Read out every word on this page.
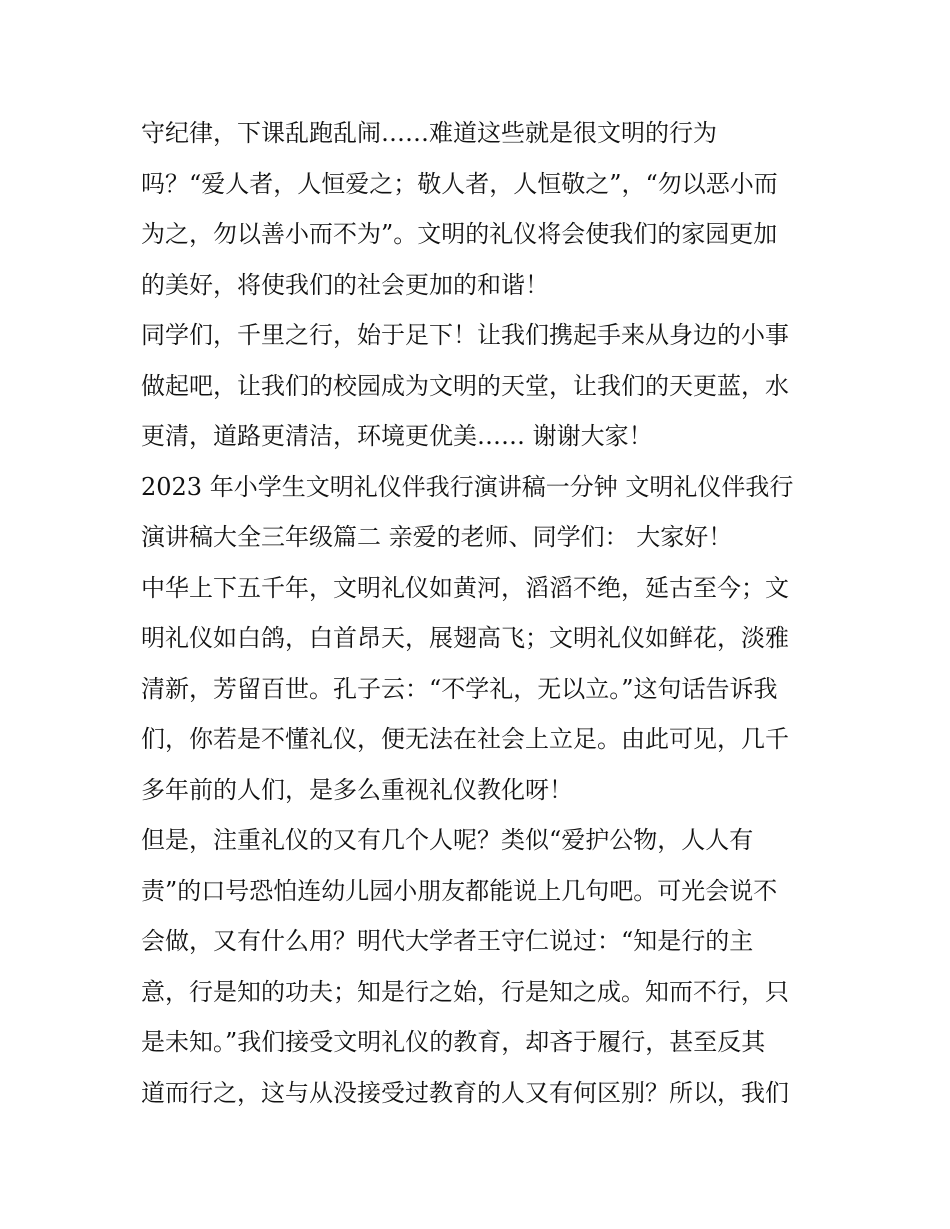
守纪律，下课乱跑乱闹……难道这些就是很文明的行为
吗？“爱人者，人恒爱之；敬人者，人恒敬之”，“勿以恶小而
为之，勿以善小而不为”。文明的礼仪将会使我们的家园更加
的美好，将使我们的社会更加的和谐！
同学们，千里之行，始于足下！让我们携起手来从身边的小事
做起吧，让我们的校园成为文明的天堂，让我们的天更蓝，水
更清，道路更清洁，环境更优美…… 谢谢大家！
2023 年小学生文明礼仪伴我行演讲稿一分钟 文明礼仪伴我行
演讲稿大全三年级篇二 亲爱的老师、同学们： 大家好！
中华上下五千年，文明礼仪如黄河，滔滔不绝，延古至今；文
明礼仪如白鸽，白首昂天，展翅高飞；文明礼仪如鲜花，淡雅
清新，芳留百世。孔子云：“不学礼，无以立。”这句话告诉我
们，你若是不懂礼仪，便无法在社会上立足。由此可见，几千
多年前的人们，是多么重视礼仪教化呀！
但是，注重礼仪的又有几个人呢？类似“爱护公物，人人有
责”的口号恐怕连幼儿园小朋友都能说上几句吧。可光会说不
会做，又有什么用？明代大学者王守仁说过：“知是行的主
意，行是知的功夫；知是行之始，行是知之成。知而不行，只
是未知。”我们接受文明礼仪的教育，却吝于履行，甚至反其
道而行之，这与从没接受过教育的人又有何区别？所以，我们
